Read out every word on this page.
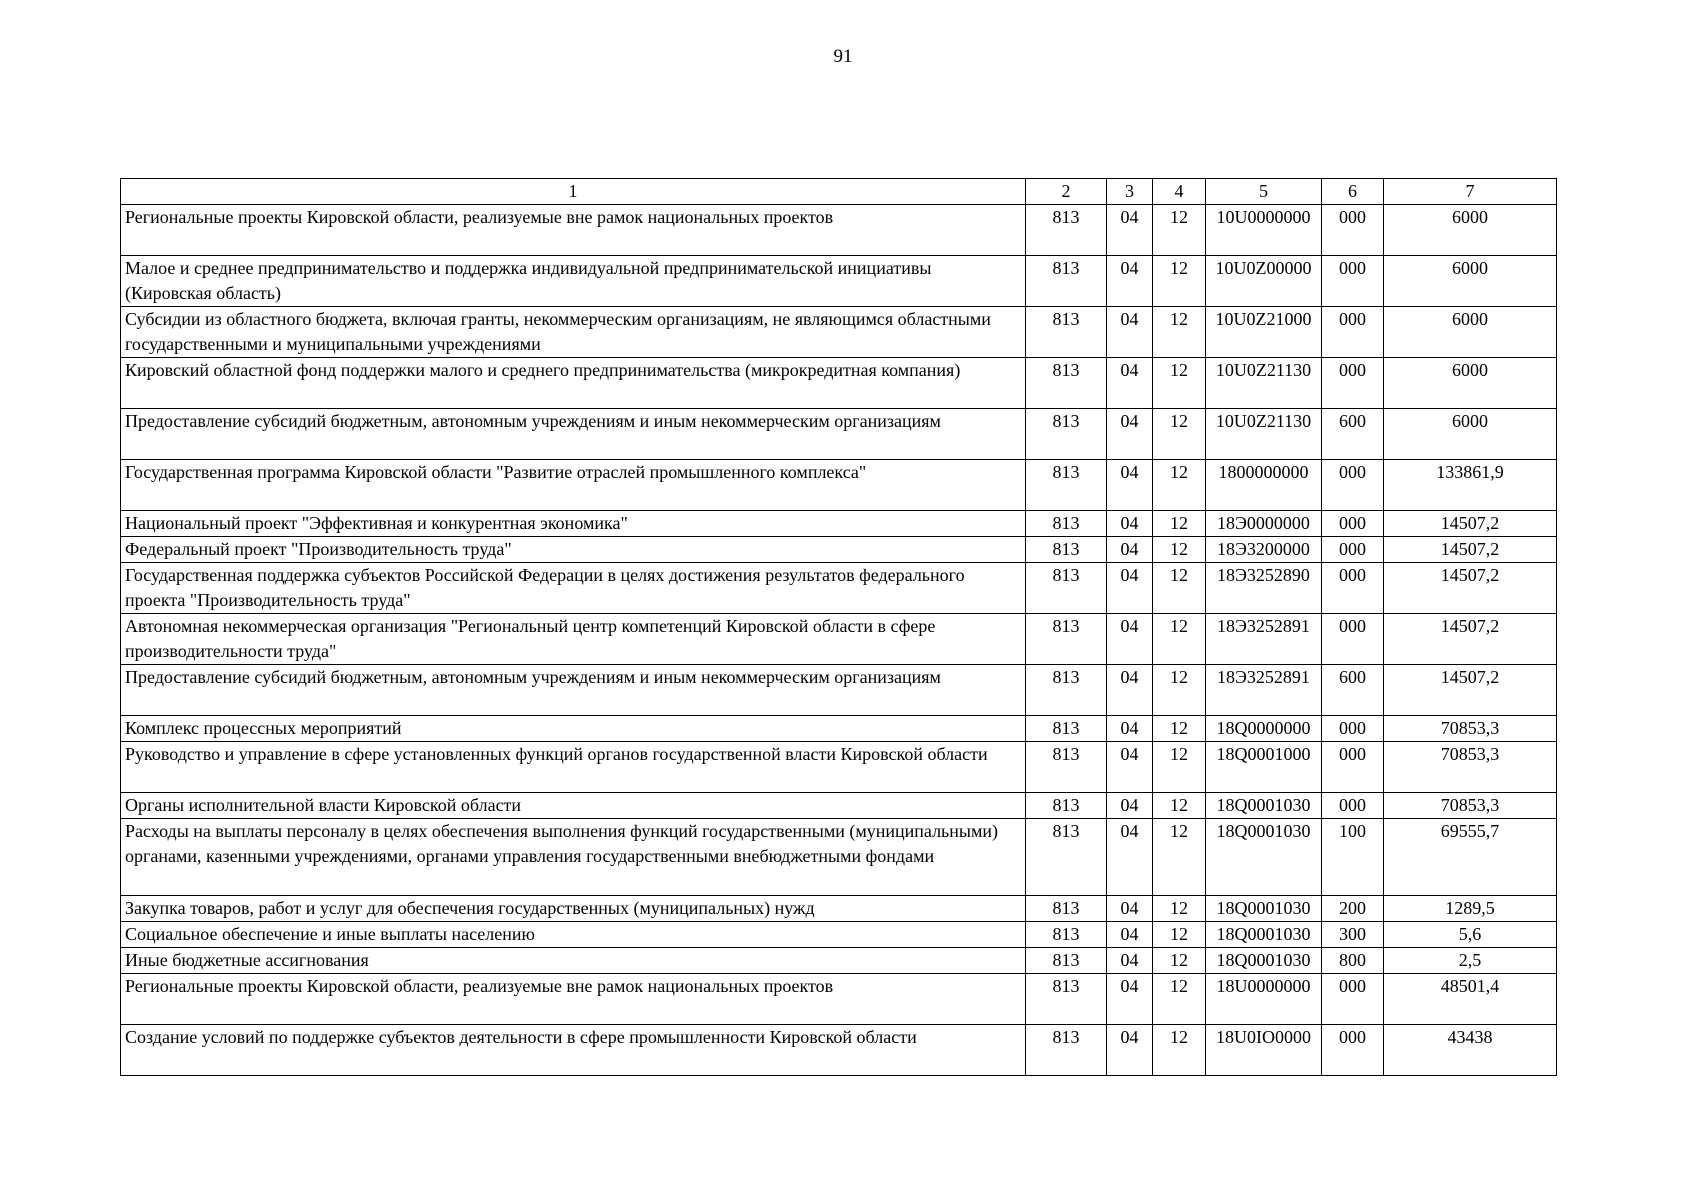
91
1	2	3	4	5	6	7
Региональные проекты Кировской области, реализуемые вне рамок национальных проектов	813	04	12	10U0000000	000	6000
Малое и среднее предпринимательство и поддержка индивидуальной предпринимательской инициативы (Кировская область)	813	04	12	10U0Z00000	000	6000
Субсидии из областного бюджета, включая гранты, некоммерческим организациям, не являющимся областными государственными и муниципальными учреждениями	813	04	12	10U0Z21000	000	6000
Кировский областной фонд поддержки малого и среднего предпринимательства (микрокредитная компания)	813	04	12	10U0Z21130	000	6000
Предоставление субсидий бюджетным, автономным учреждениям и иным некоммерческим организациям	813	04	12	10U0Z21130	600	6000
Государственная программа Кировской области "Развитие отраслей промышленного комплекса"	813	04	12	1800000000	000	133861,9
Национальный проект "Эффективная и конкурентная экономика"	813	04	12	18Э0000000	000	14507,2
Федеральный проект "Производительность труда"	813	04	12	18Э3200000	000	14507,2
Государственная поддержка субъектов Российской Федерации в целях достижения результатов федерального проекта "Производительность труда"	813	04	12	18Э3252890	000	14507,2
Автономная некоммерческая организация "Региональный центр компетенций Кировской области в сфере производительности труда"	813	04	12	18Э3252891	000	14507,2
Предоставление субсидий бюджетным, автономным учреждениям и иным некоммерческим организациям	813	04	12	18Э3252891	600	14507,2
Комплекс процессных мероприятий	813	04	12	18Q0000000	000	70853,3
Руководство и управление в сфере установленных функций органов государственной власти Кировской области	813	04	12	18Q0001000	000	70853,3
Органы исполнительной власти Кировской области	813	04	12	18Q0001030	000	70853,3
Расходы на выплаты персоналу в целях обеспечения выполнения функций государственными (муниципальными) органами, казенными учреждениями, органами управления государственными внебюджетными фондами	813	04	12	18Q0001030	100	69555,7
Закупка товаров, работ и услуг для обеспечения государственных (муниципальных) нужд	813	04	12	18Q0001030	200	1289,5
Социальное обеспечение и иные выплаты населению	813	04	12	18Q0001030	300	5,6
Иные бюджетные ассигнования	813	04	12	18Q0001030	800	2,5
Региональные проекты Кировской области, реализуемые вне рамок национальных проектов	813	04	12	18U0000000	000	48501,4
Создание условий по поддержке субъектов деятельности в сфере промышленности Кировской области	813	04	12	18U0IO0000	000	43438
